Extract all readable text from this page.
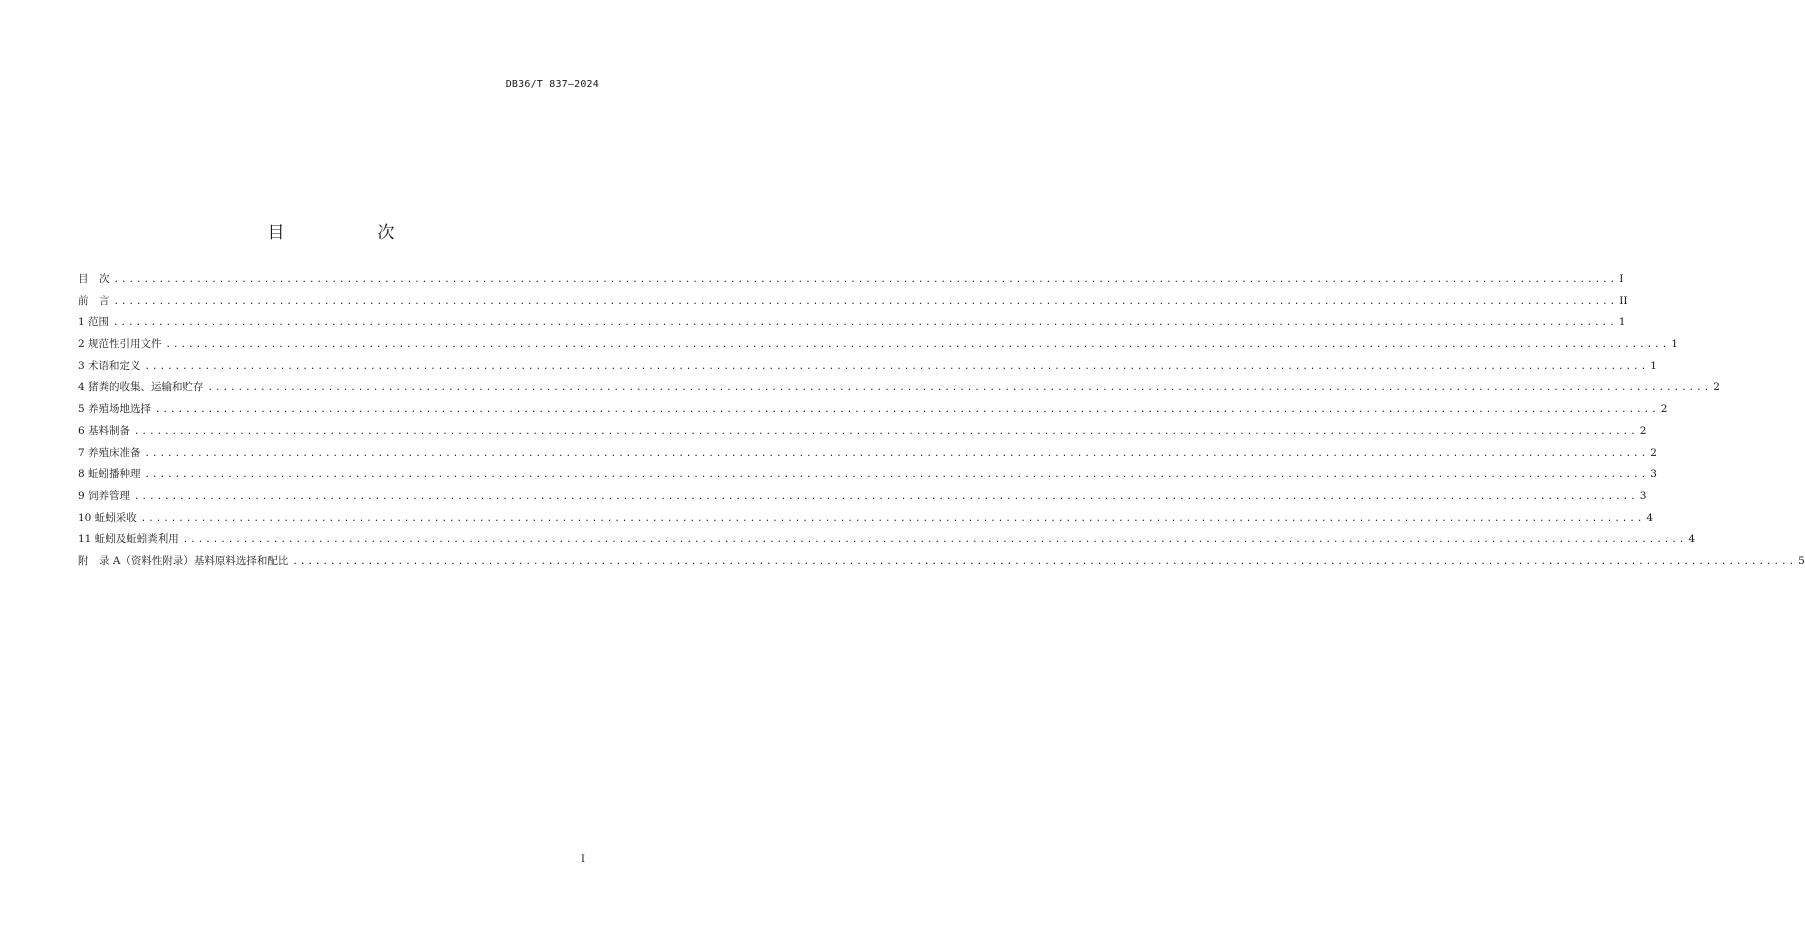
DB36/T 837—2024
目　次
目　次 ........................................................................................................................................................................................................ I
前　言 ........................................................................................................................................................................................................ II
1 范围 ........................................................................................................................................................................................................ 1
2 规范性引用文件 ........................................................................................................................................................................................................ 1
3 术语和定义 ........................................................................................................................................................................................................ 1
4 猪粪的收集、运输和贮存 ........................................................................................................................................................................................................ 2
5 养殖场地选择 ........................................................................................................................................................................................................ 2
6 基料制备 ........................................................................................................................................................................................................ 2
7 养殖床准备 ........................................................................................................................................................................................................ 2
8 蚯蚓播种理 ........................................................................................................................................................................................................ 3
9 饲养管理 ........................................................................................................................................................................................................ 3
10 蚯蚓采收 ........................................................................................................................................................................................................ 4
11 蚯蚓及蚯蚓粪利用 ........................................................................................................................................................................................................ 4
附　录 A（资料性附录）基料原料选择和配比 ........................................................................................................................................................................................................ 5
I
